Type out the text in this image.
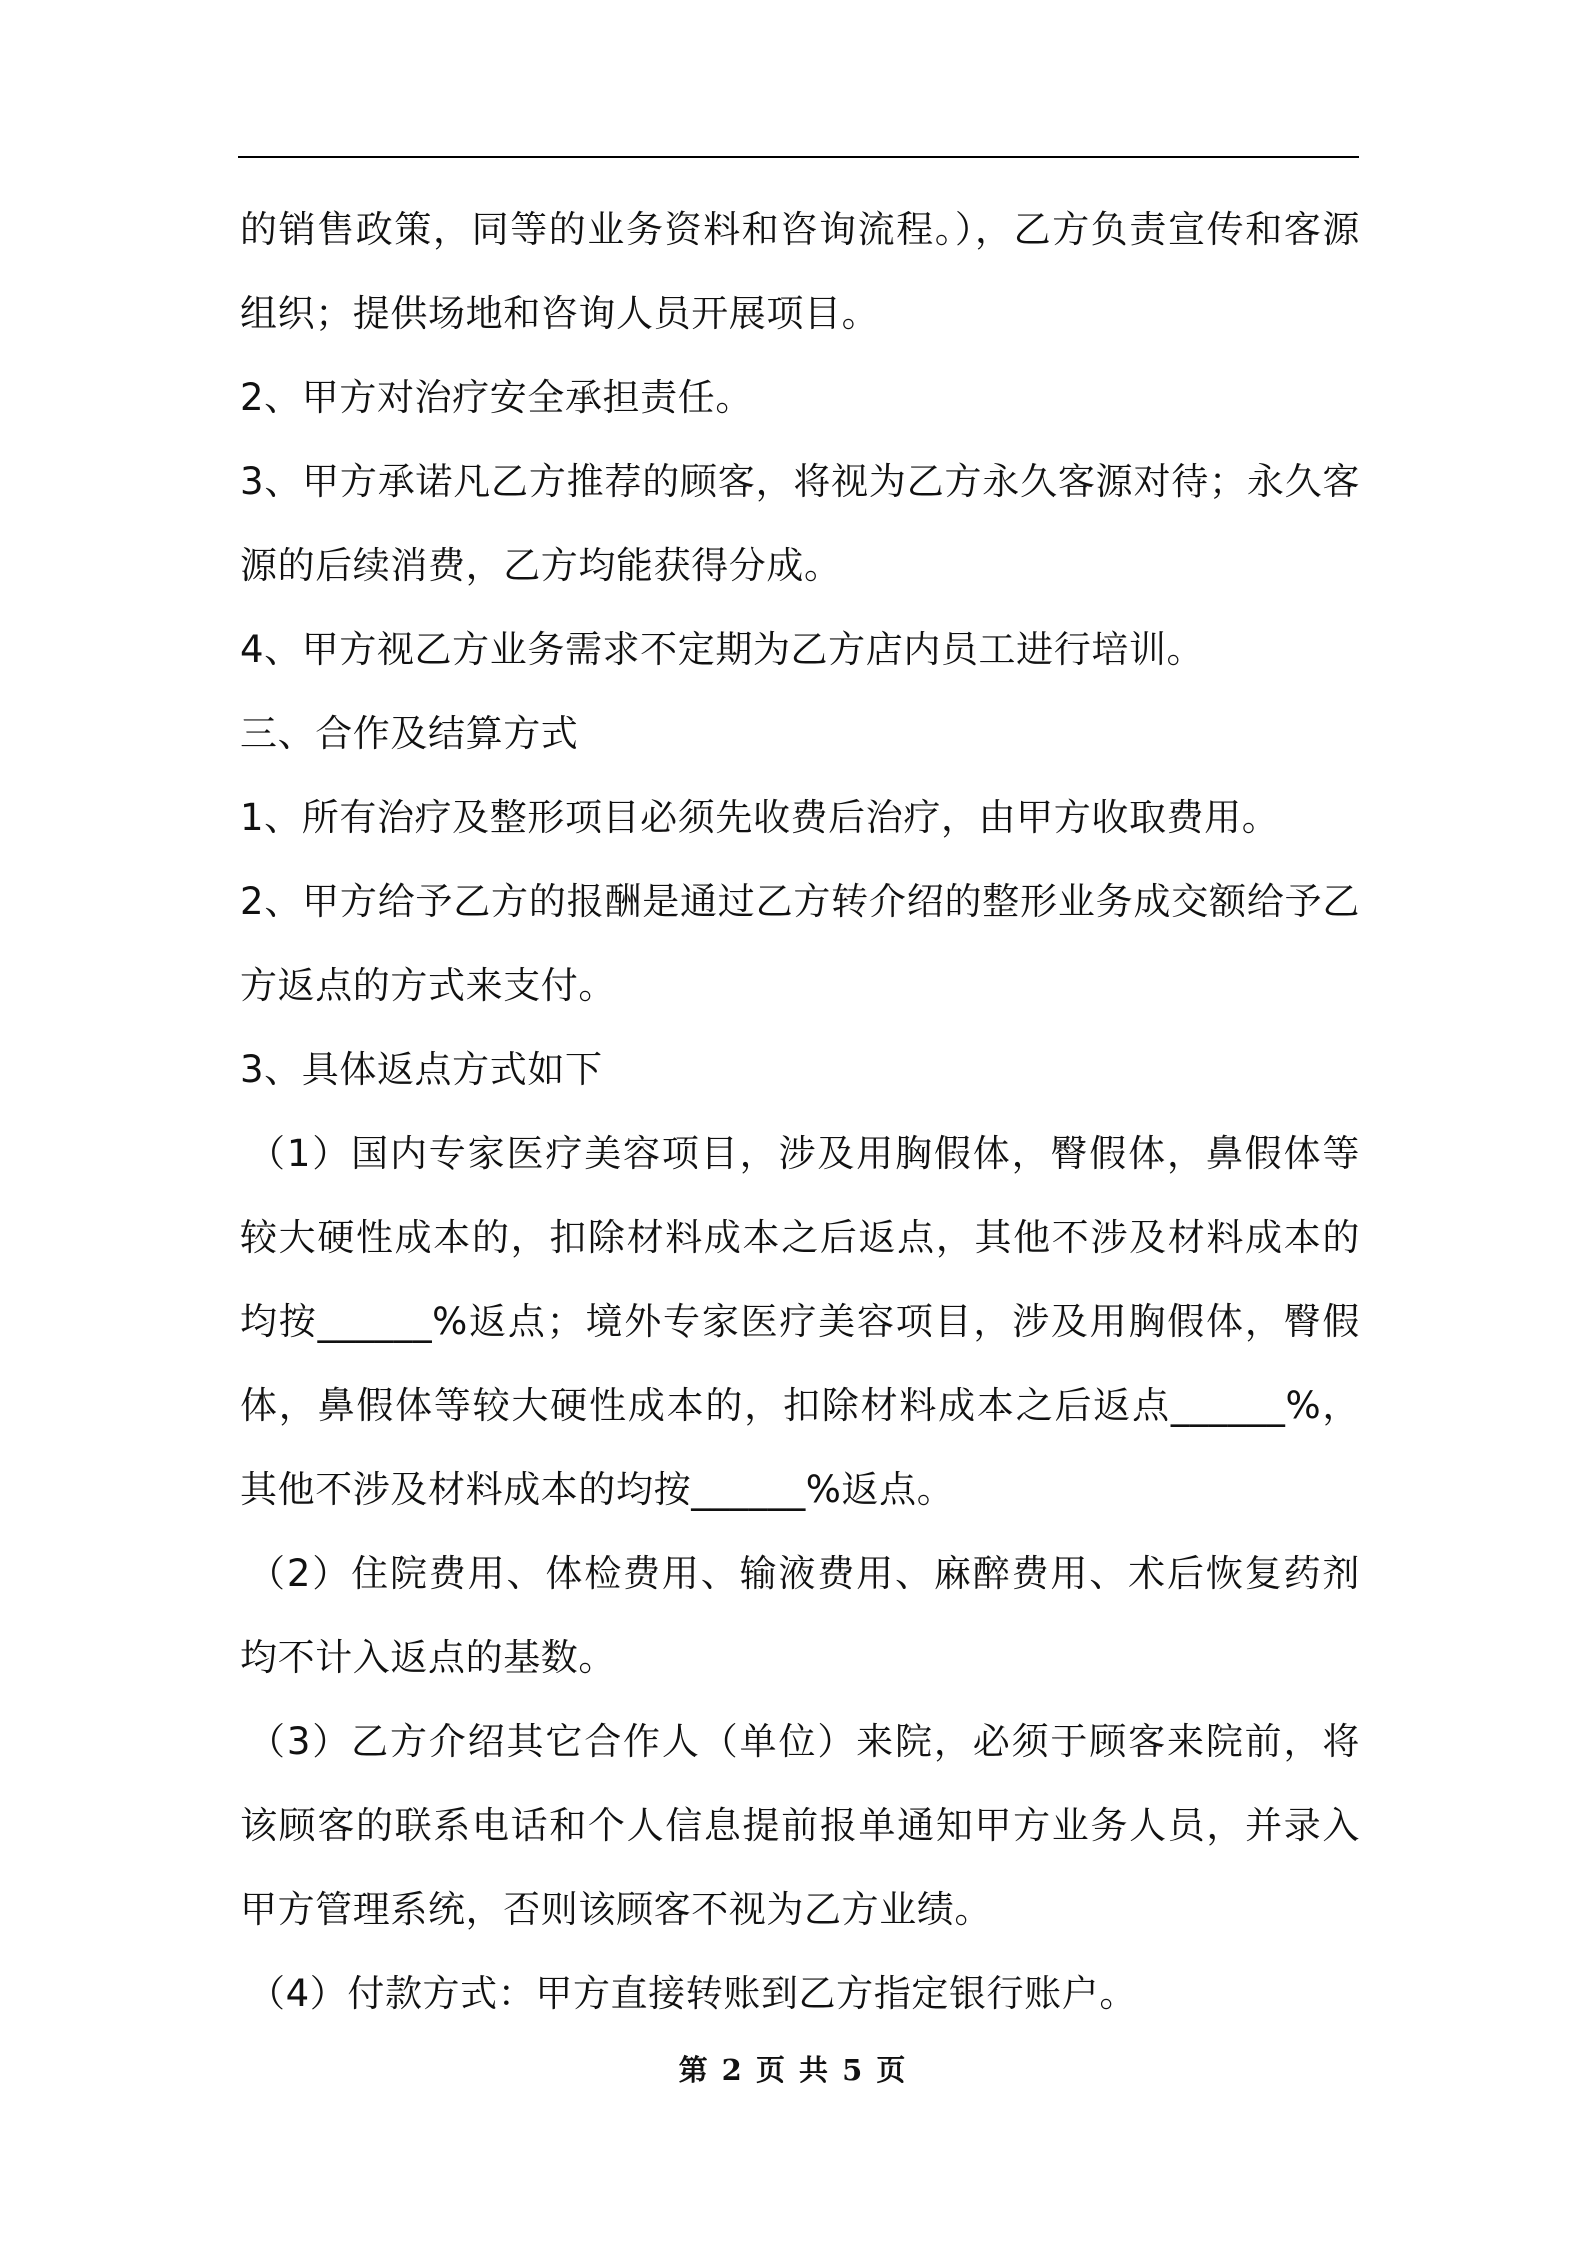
的销售政策，同等的业务资料和咨询流程。），乙方负责宣传和客源组织；提供场地和咨询人员开展项目。

2、甲方对治疗安全承担责任。

3、甲方承诺凡乙方推荐的顾客，将视为乙方永久客源对待；永久客源的后续消费，乙方均能获得分成。

4、甲方视乙方业务需求不定期为乙方店内员工进行培训。

三、合作及结算方式

1、所有治疗及整形项目必须先收费后治疗，由甲方收取费用。

2、甲方给予乙方的报酬是通过乙方转介绍的整形业务成交额给予乙方返点的方式来支付。

3、具体返点方式如下

（1）国内专家医疗美容项目，涉及用胸假体，臀假体，鼻假体等较大硬性成本的，扣除材料成本之后返点，其他不涉及材料成本的均按______%返点；境外专家医疗美容项目，涉及用胸假体，臀假体，鼻假体等较大硬性成本的，扣除材料成本之后返点______%，其他不涉及材料成本的均按______%返点。

（2）住院费用、体检费用、输液费用、麻醉费用、术后恢复药剂均不计入返点的基数。

（3）乙方介绍其它合作人（单位）来院，必须于顾客来院前，将该顾客的联系电话和个人信息提前报单通知甲方业务人员，并录入甲方管理系统，否则该顾客不视为乙方业绩。

（4）付款方式：甲方直接转账到乙方指定银行账户。

第 2 页 共 5 页
